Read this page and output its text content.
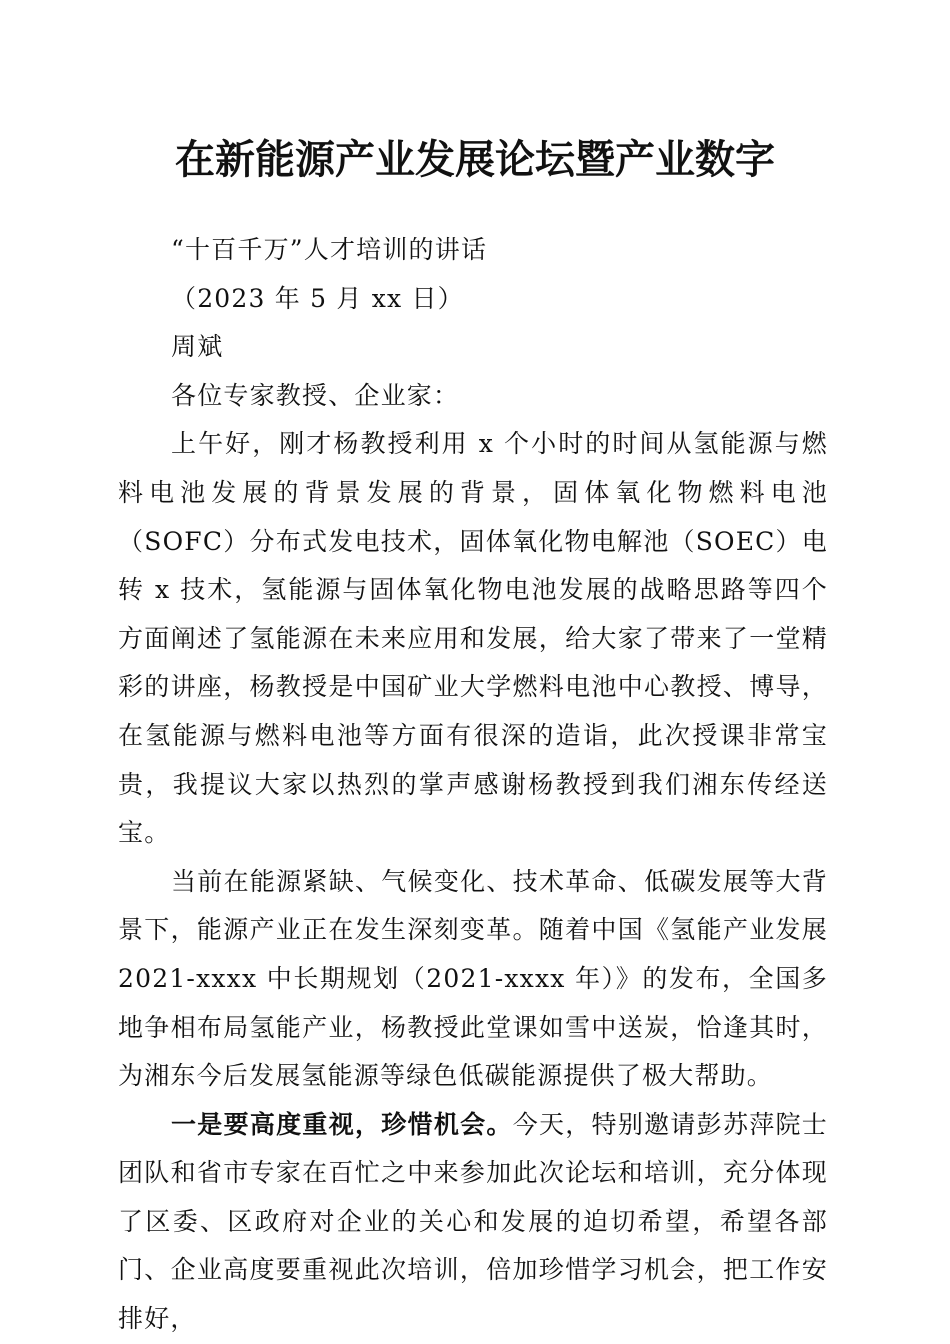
在新能源产业发展论坛暨产业数字

“十百千万”人才培训的讲话

（2023 年 5 月 xx 日）

周斌

各位专家教授、企业家：

上午好，刚才杨教授利用 x 个小时的时间从氢能源与燃料电池发展的背景发展的背景，固体氧化物燃料电池（SOFC）分布式发电技术，固体氧化物电解池（SOEC）电转 x 技术，氢能源与固体氧化物电池发展的战略思路等四个方面阐述了氢能源在未来应用和发展，给大家了带来了一堂精彩的讲座，杨教授是中国矿业大学燃料电池中心教授、博导，在氢能源与燃料电池等方面有很深的造诣，此次授课非常宝贵，我提议大家以热烈的掌声感谢杨教授到我们湘东传经送宝。

当前在能源紧缺、气候变化、技术革命、低碳发展等大背景下，能源产业正在发生深刻变革。随着中国《氢能产业发展 2021-xxxx 中长期规划（2021-xxxx 年）》的发布，全国多地争相布局氢能产业，杨教授此堂课如雪中送炭，恰逢其时，为湘东今后发展氢能源等绿色低碳能源提供了极大帮助。

一是要高度重视，珍惜机会。今天，特别邀请彭苏萍院士团队和省市专家在百忙之中来参加此次论坛和培训，充分体现了区委、区政府对企业的关心和发展的迫切希望，希望各部门、企业高度要重视此次培训，倍加珍惜学习机会，把工作安排好，
